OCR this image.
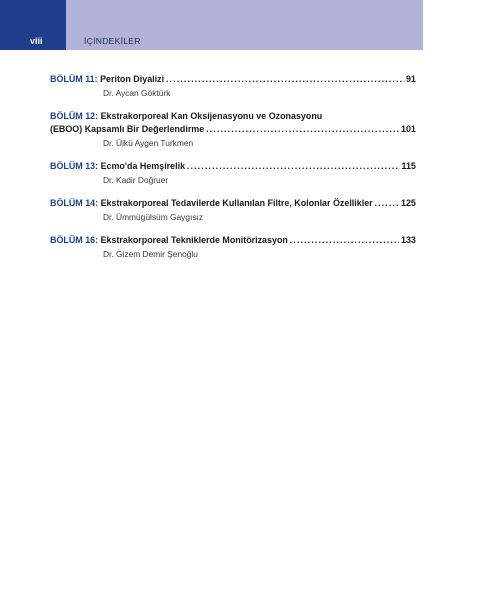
viii	İÇİNDEKİLER
BÖLÜM 11:
Periton Diyalizi .....	91
Dr. Aycan Göktürk
BÖLÜM 12:
Ekstrakorporeal Kan Oksijenasyonu ve Ozonasyonu
(EBOO) Kapsamlı Bir Değerlendirme .....	101
Dr. Ülkü Aygen Turkmen
BÖLÜM 13:
Ecmo'da Hemşirelik .....	115
Dr. Kadir Doğruer
BÖLÜM 14:
Ekstrakorporeal Tedavilerde Kullanılan Filtre, Kolonlar Özellikler .....	125
Dr. Ümmügülsüm Gaygısız
BÖLÜM 16:
Ekstrakorporeal Tekniklerde Monitörizasyon .....	133
Dr. Gizem Demir Şenoğlu
